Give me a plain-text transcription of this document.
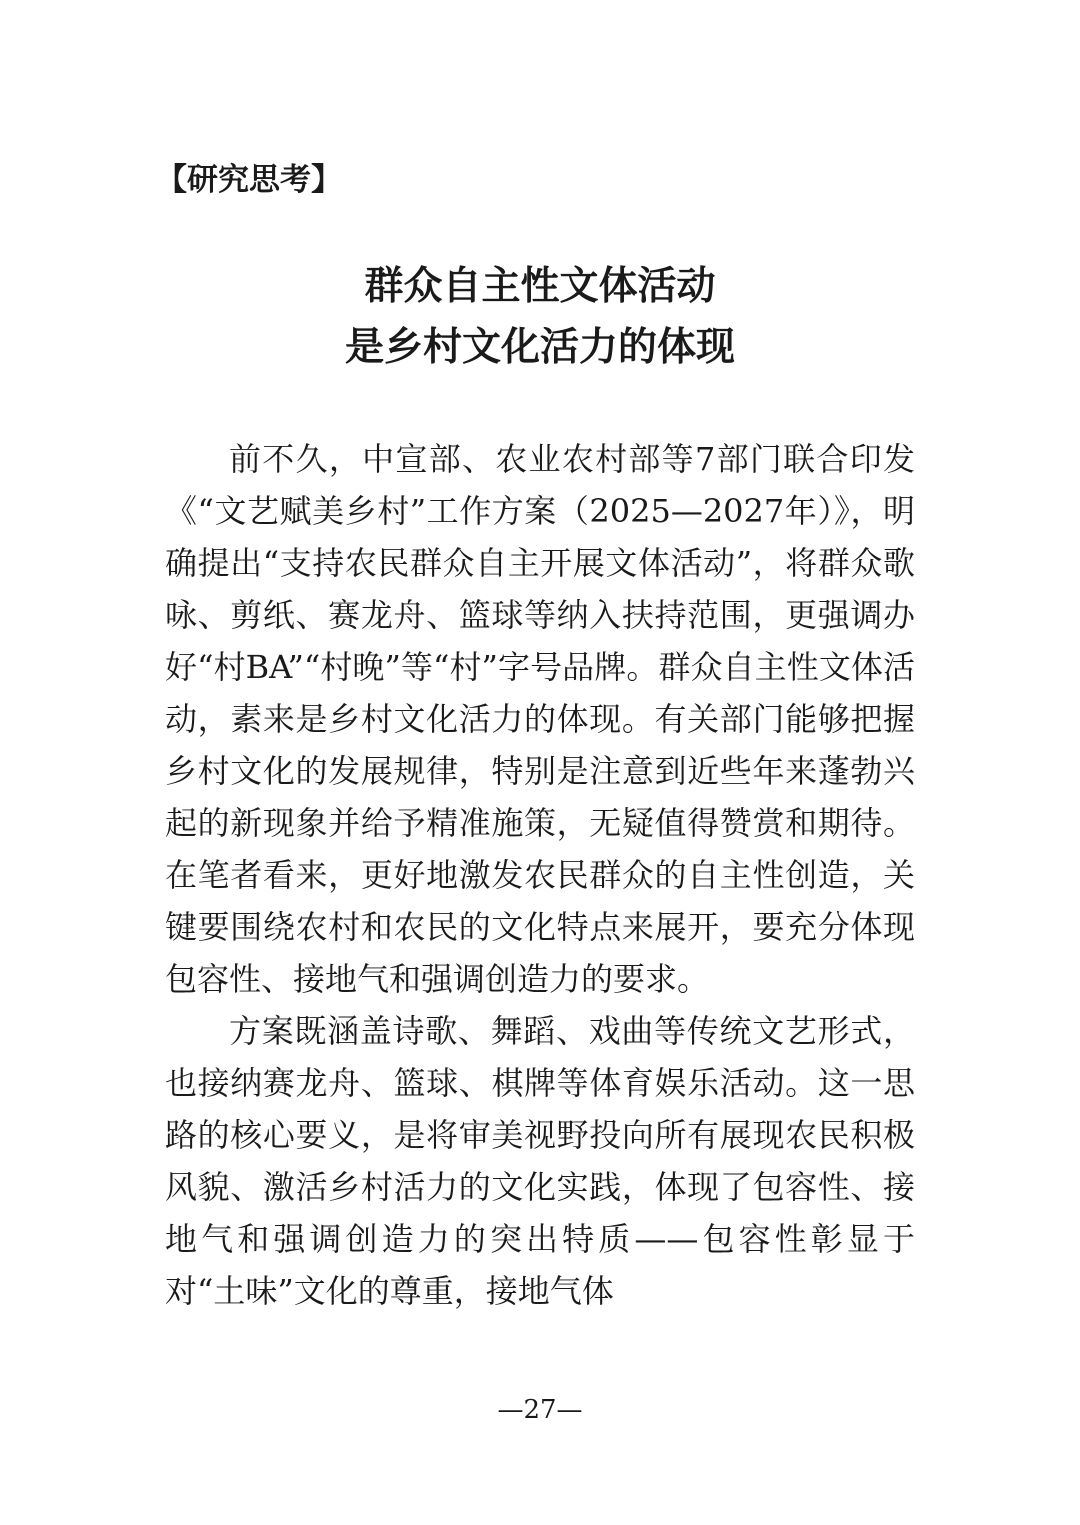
【研究思考】
群众自主性文体活动
是乡村文化活力的体现

前不久，中宣部、农业农村部等7部门联合印发《“文艺赋美乡村”工作方案（2025—2027年）》，明确提出“支持农民群众自主开展文体活动”，将群众歌咏、剪纸、赛龙舟、篮球等纳入扶持范围，更强调办好“村BA”“村晚”等“村”字号品牌。群众自主性文体活动，素来是乡村文化活力的体现。有关部门能够把握乡村文化的发展规律，特别是注意到近些年来蓬勃兴起的新现象并给予精准施策，无疑值得赞赏和期待。在笔者看来，更好地激发农民群众的自主性创造，关键要围绕农村和农民的文化特点来展开，要充分体现包容性、接地气和强调创造力的要求。

方案既涵盖诗歌、舞蹈、戏曲等传统文艺形式，也接纳赛龙舟、篮球、棋牌等体育娱乐活动。这一思路的核心要义，是将审美视野投向所有展现农民积极风貌、激活乡村活力的文化实践，体现了包容性、接地气和强调创造力的突出特质——包容性彰显于对“土味”文化的尊重，接地气体

—27—
